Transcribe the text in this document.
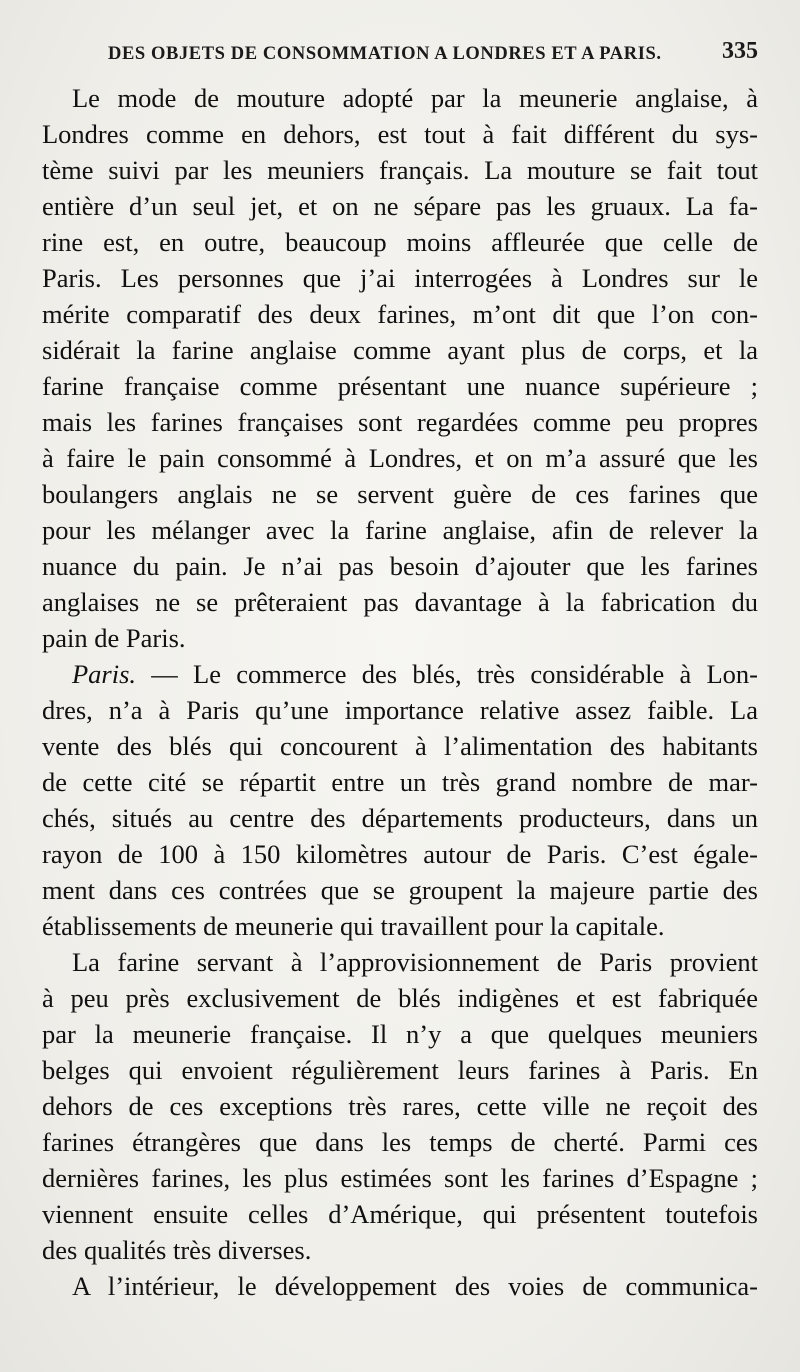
DES OBJETS DE CONSOMMATION A LONDRES ET A PARIS.	335
Le mode de mouture adopté par la meunerie anglaise, à
Londres comme en dehors, est tout à fait différent du sys-
tème suivi par les meuniers français. La mouture se fait tout
entière d’un seul jet, et on ne sépare pas les gruaux. La fa-
rine est, en outre, beaucoup moins affleurée que celle de
Paris. Les personnes que j’ai interrogées à Londres sur le
mérite comparatif des deux farines, m’ont dit que l’on con-
sidérait la farine anglaise comme ayant plus de corps, et la
farine française comme présentant une nuance supérieure ;
mais les farines françaises sont regardées comme peu propres
à faire le pain consommé à Londres, et on m’a assuré que les
boulangers anglais ne se servent guère de ces farines que
pour les mélanger avec la farine anglaise, afin de relever la
nuance du pain. Je n’ai pas besoin d’ajouter que les farines
anglaises ne se prêteraient pas davantage à la fabrication du
pain de Paris.
Paris. — Le commerce des blés, très considérable à Lon-
dres, n’a à Paris qu’une importance relative assez faible. La
vente des blés qui concourent à l’alimentation des habitants
de cette cité se répartit entre un très grand nombre de mar-
chés, situés au centre des départements producteurs, dans un
rayon de 100 à 150 kilomètres autour de Paris. C’est égale-
ment dans ces contrées que se groupent la majeure partie des
établissements de meunerie qui travaillent pour la capitale.
La farine servant à l’approvisionnement de Paris provient
à peu près exclusivement de blés indigènes et est fabriquée
par la meunerie française. Il n’y a que quelques meuniers
belges qui envoient régulièrement leurs farines à Paris. En
dehors de ces exceptions très rares, cette ville ne reçoit des
farines étrangères que dans les temps de cherté. Parmi ces
dernières farines, les plus estimées sont les farines d’Espagne ;
viennent ensuite celles d’Amérique, qui présentent toutefois
des qualités très diverses.
A l’intérieur, le développement des voies de communica-
